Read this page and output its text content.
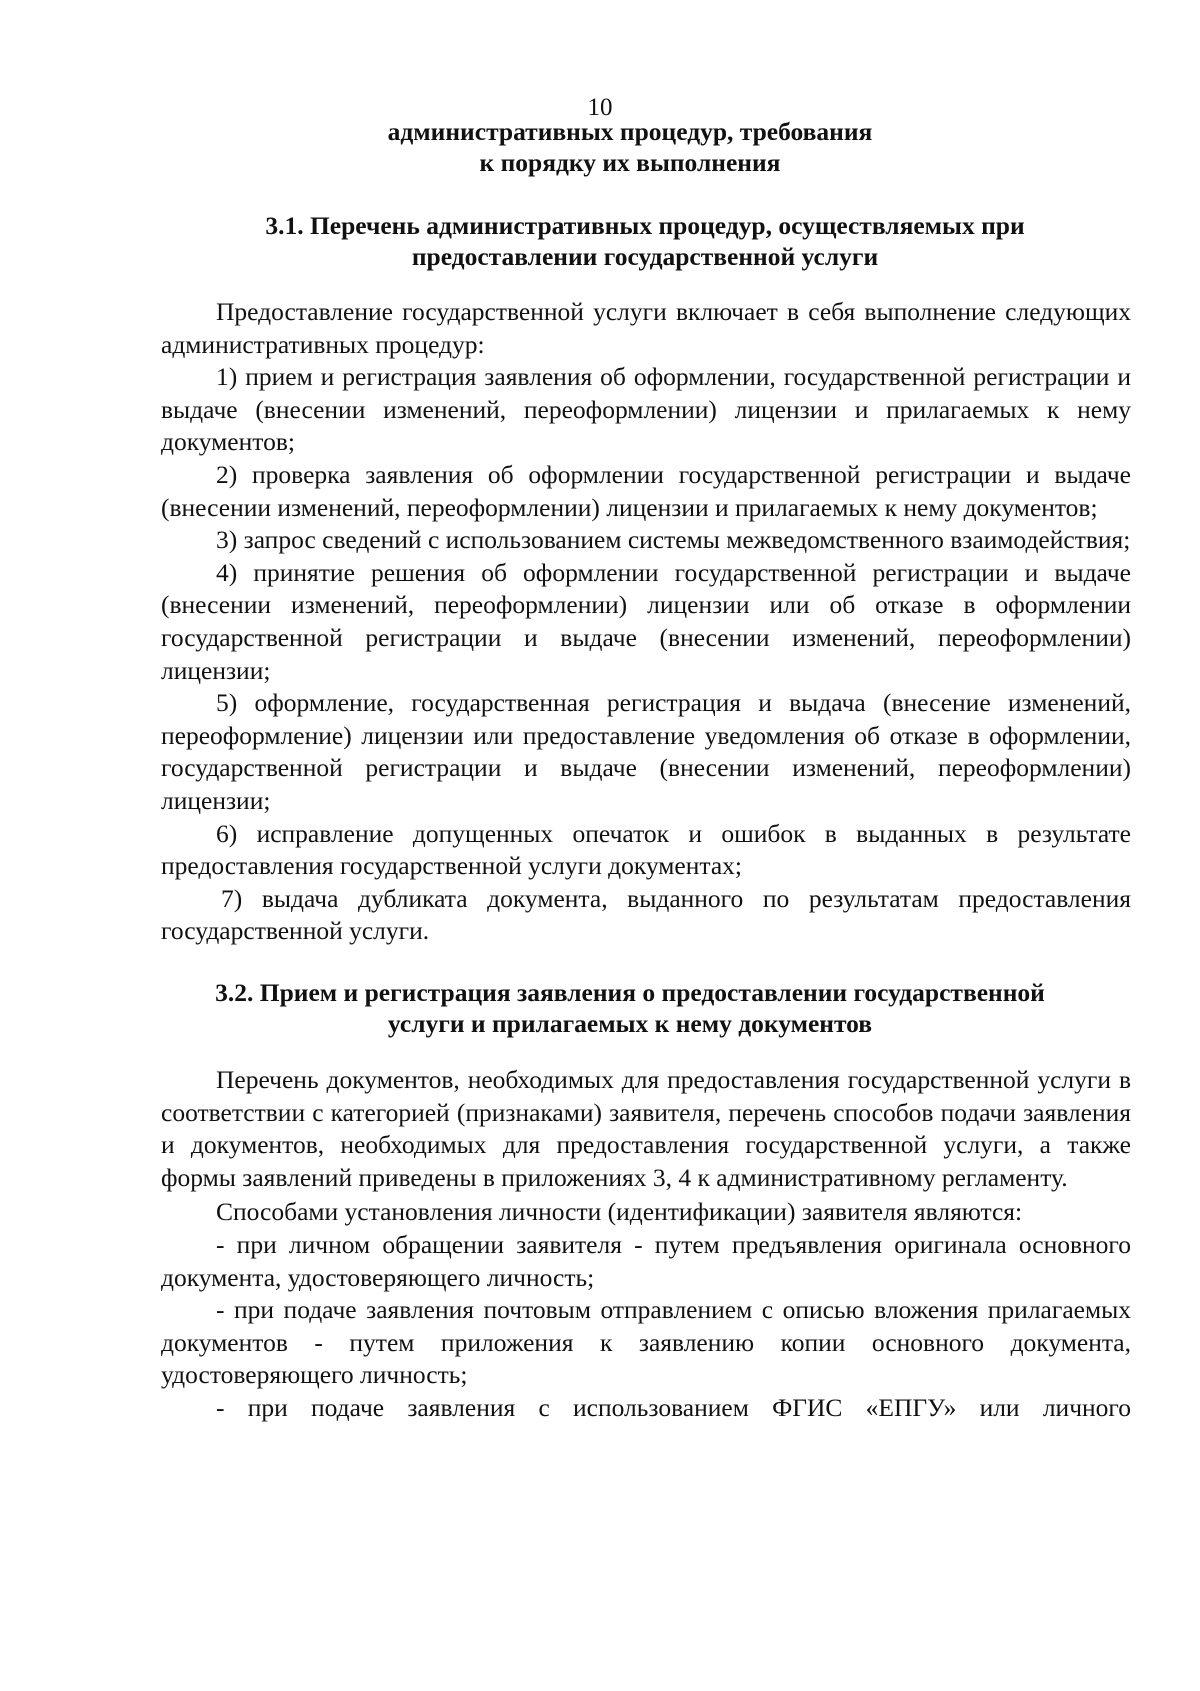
10
административных процедур, требования
к порядку их выполнения
3.1. Перечень административных процедур, осуществляемых при
предоставлении государственной услуги

Предоставление государственной услуги включает в себя выполнение следующих административных процедур:

1) прием и регистрация заявления об оформлении, государственной регистрации и выдаче (внесении изменений, переоформлении) лицензии и прилагаемых к нему документов;

2) проверка заявления об оформлении государственной регистрации и выдаче (внесении изменений, переоформлении) лицензии и прилагаемых к нему документов;

3) запрос сведений с использованием системы межведомственного взаимодействия;

4) принятие решения об оформлении государственной регистрации и выдаче (внесении изменений, переоформлении) лицензии или об отказе в оформлении государственной регистрации и выдаче (внесении изменений, переоформлении) лицензии;

5) оформление, государственная регистрация и выдача (внесение изменений, переоформление) лицензии или предоставление уведомления об отказе в оформлении, государственной регистрации и выдаче (внесении изменений, переоформлении) лицензии;

6) исправление допущенных опечаток и ошибок в выданных в результате предоставления государственной услуги документах;

7) выдача дубликата документа, выданного по результатам предоставления государственной услуги.

3.2. Прием и регистрация заявления о предоставлении государственной
услуги и прилагаемых к нему документов

Перечень документов, необходимых для предоставления государственной услуги в соответствии с категорией (признаками) заявителя, перечень способов подачи заявления и документов, необходимых для предоставления государственной услуги, а также формы заявлений приведены в приложениях 3, 4 к административному регламенту.

Способами установления личности (идентификации) заявителя являются:

- при личном обращении заявителя - путем предъявления оригинала основного документа, удостоверяющего личность;

- при подаче заявления почтовым отправлением с описью вложения прилагаемых документов - путем приложения к заявлению копии основного документа, удостоверяющего личность;

- при подаче заявления с использованием ФГИС «ЕПГУ» или личного
